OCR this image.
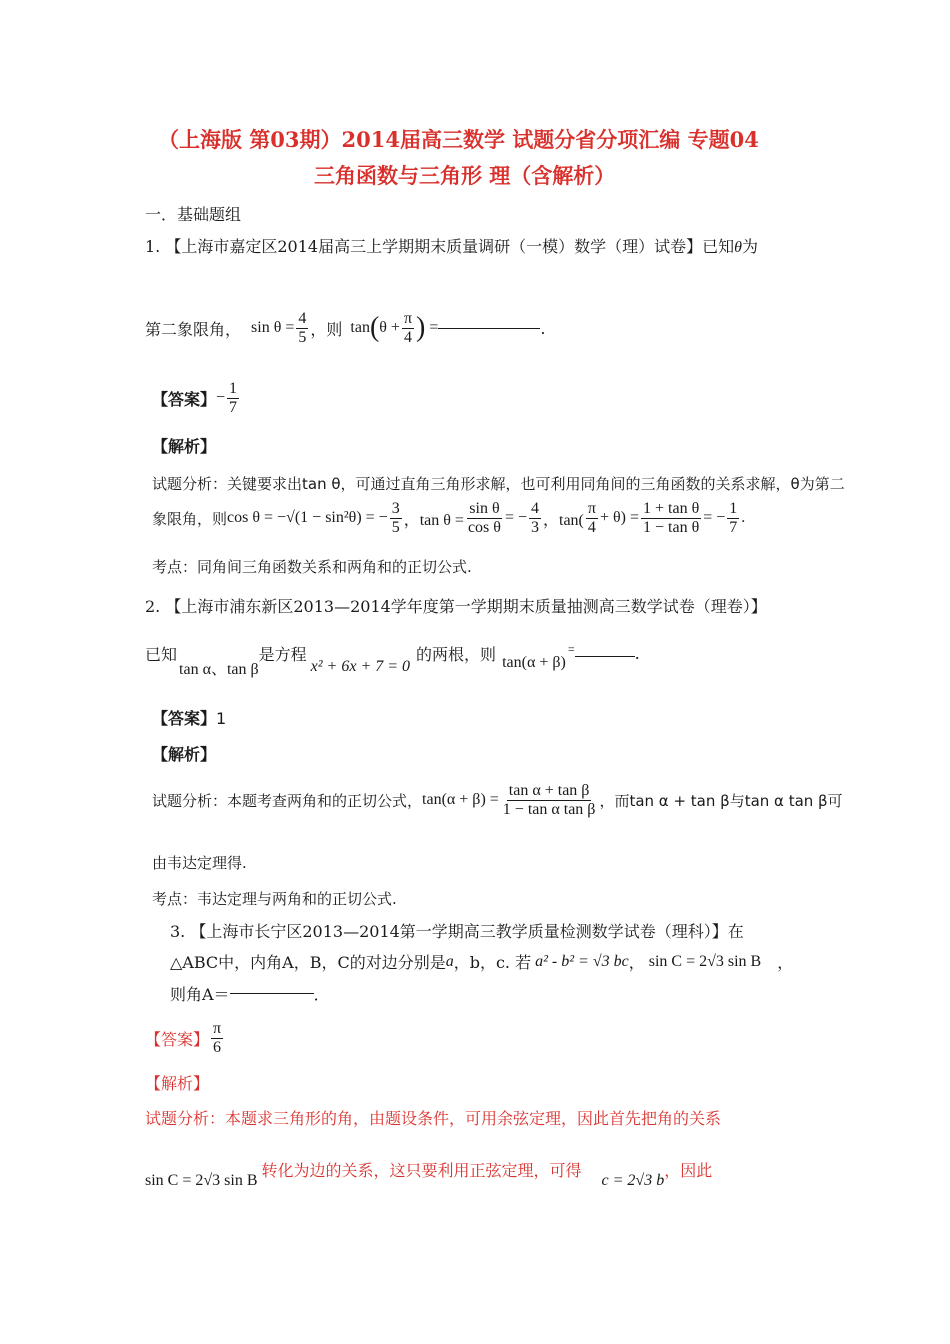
（上海版 第03期）2014届高三数学 试题分省分项汇编 专题04
三角函数与三角形 理（含解析）
一．基础题组
1. 【上海市嘉定区2014届高三上学期期末质量调研（一模）数学（理）试卷】已知θ为
第二象限角， $\sin \theta = \frac{4}{5}$ ，则 tan ( $\theta + \frac{\pi}{4}$ ) =	.
【答案】 − $\frac{1}{7}$
【解析】
试题分析：关键要求出tan θ，可通过直角三角形求解，也可利用同角间的三角函数的关系求解，θ为第二
象限角，则 cos θ = −√(1 − sin²θ) = − $\frac{3}{5}$ ，$\tan \theta = \frac{\text{sin θ}}{\text{cos θ}}$ = − $\frac{4}{3}$ ，$\tan( \frac{\pi}{4} + \theta) = \frac{\text{1 + tan θ}}{\text{1 − tan θ}}$ = − $\frac{1}{7}$ .
考点：同角间三角函数关系和两角和的正切公式.
2. 【上海市浦东新区2013—2014学年度第一学期期末质量抽测高三数学试卷（理卷）】
已知
tan α、tan β
是方程
x² + 6x + 7 = 0
的两根，则 tan(α + β)
=	.
【答案】1
【解析】
试题分析：本题考查两角和的正切公式， $\tan(\alpha + \beta) = \frac{\text{tan α + tan β}}{\text{1 − tan α tan β}}$ ，而tan α + tan β与tan α tan β可
由韦达定理得.
考点：韦达定理与两角和的正切公式.
3. 【上海市长宁区2013—2014第一学期高三教学质量检测数学试卷（理科）】在
△ABC中，内角A，B，C的对边分别是 a ，b，c. 若 a² - b² = √3 bc ， sin C = 2√3 sin B ，
则角A＝	．
【答案】 $\frac{\pi}{6}$
【解析】
试题分析：本题求三角形的角，由题设条件，可用余弦定理，因此首先把角的关系
sin C = 2√3 sin B
转化为边的关系，这只要利用正弦定理，可得
c = 2√3 b
，因此
